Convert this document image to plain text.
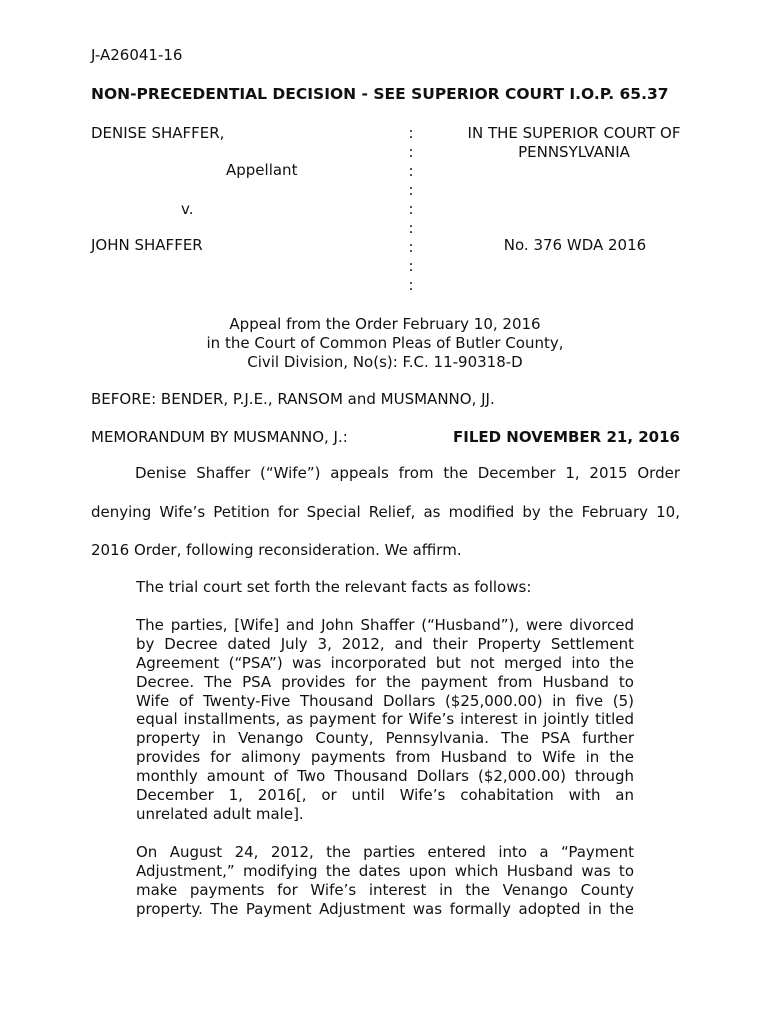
J-A26041-16
NON-PRECEDENTIAL DECISION - SEE SUPERIOR COURT I.O.P. 65.37
DENISE SHAFFER,
Appellant
v.
JOHN SHAFFER
:
:
:
:
:
:
:
:
:
IN THE SUPERIOR COURT OF
PENNSYLVANIA
No. 376 WDA 2016
Appeal from the Order February 10, 2016
in the Court of Common Pleas of Butler County,
Civil Division, No(s): F.C. 11-90318-D
BEFORE: BENDER, P.J.E., RANSOM and MUSMANNO, JJ.
MEMORANDUM BY MUSMANNO, J.:	FILED NOVEMBER 21, 2016
Denise Shaffer (“Wife”) appeals from the December 1, 2015 Order
denying Wife’s Petition for Special Relief, as modified by the February 10,
2016 Order, following reconsideration. We affirm.
The trial court set forth the relevant facts as follows:
The parties, [Wife] and John Shaffer (“Husband”), were divorced
by Decree dated July 3, 2012, and their Property Settlement
Agreement (“PSA”) was incorporated but not merged into the
Decree. The PSA provides for the payment from Husband to
Wife of Twenty-Five Thousand Dollars ($25,000.00) in five (5)
equal installments, as payment for Wife’s interest in jointly titled
property in Venango County, Pennsylvania. The PSA further
provides for alimony payments from Husband to Wife in the
monthly amount of Two Thousand Dollars ($2,000.00) through
December 1, 2016[, or until Wife’s cohabitation with an
unrelated adult male].
On August 24, 2012, the parties entered into a “Payment
Adjustment,” modifying the dates upon which Husband was to
make payments for Wife’s interest in the Venango County
property. The Payment Adjustment was formally adopted in the
